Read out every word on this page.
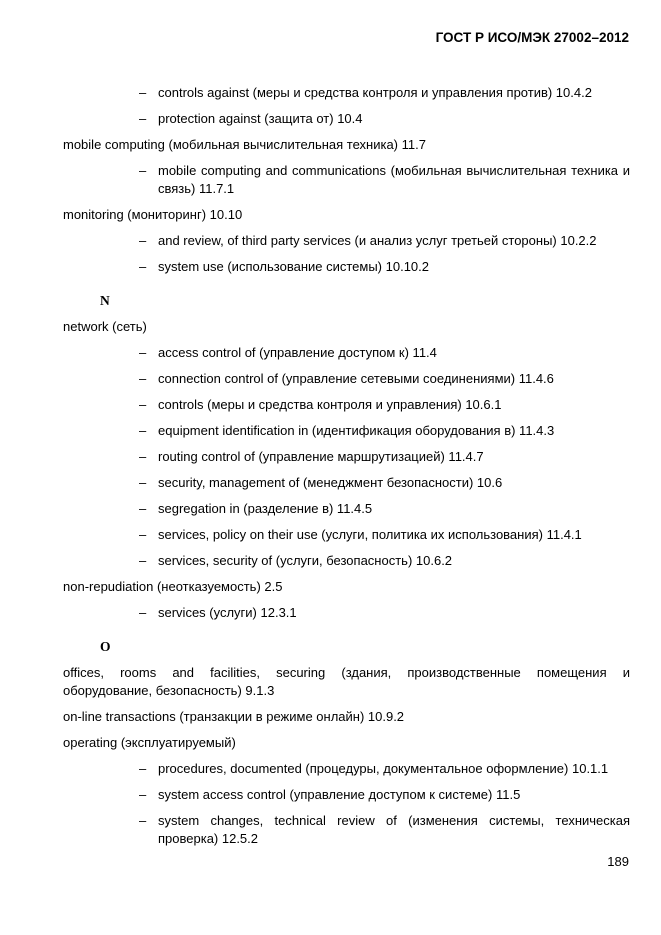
ГОСТ Р ИСО/МЭК 27002–2012
– controls against (меры и средства контроля и управления против) 10.4.2
– protection against (защита от) 10.4
mobile computing (мобильная вычислительная техника) 11.7
– mobile computing and communications (мобильная вычислительная техника и связь) 11.7.1
monitoring (мониторинг) 10.10
– and review, of third party services (и анализ услуг третьей стороны) 10.2.2
– system use (использование системы) 10.10.2
N
network (сеть)
– access control of (управление доступом к) 11.4
– connection control of (управление сетевыми соединениями) 11.4.6
– controls (меры и средства контроля и управления) 10.6.1
– equipment identification in (идентификация оборудования в) 11.4.3
– routing control of (управление маршрутизацией) 11.4.7
– security, management of (менеджмент безопасности) 10.6
– segregation in (разделение в) 11.4.5
– services, policy on their use (услуги, политика их использования) 11.4.1
– services, security of (услуги, безопасность) 10.6.2
non-repudiation (неотказуемость) 2.5
– services (услуги) 12.3.1
O
offices, rooms and facilities, securing (здания, производственные помещения и
оборудование, безопасность) 9.1.3
on-line transactions (транзакции в режиме онлайн) 10.9.2
operating (эксплуатируемый)
– procedures, documented (процедуры, документальное оформление) 10.1.1
– system access control (управление доступом к системе) 11.5
– system changes, technical review of (изменения системы, техническая проверка) 12.5.2
189
